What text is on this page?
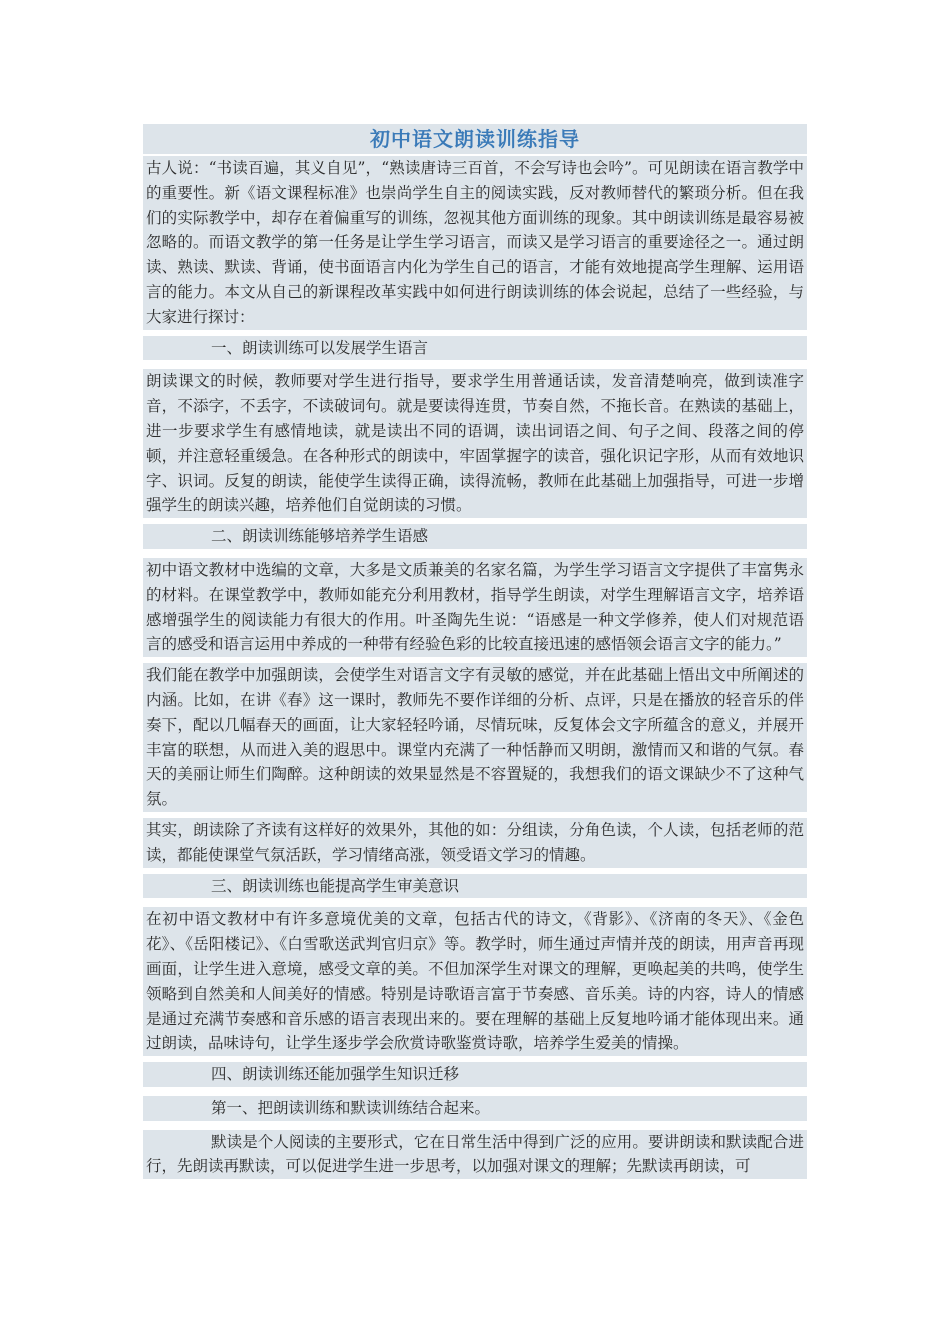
初中语文朗读训练指导

古人说：“书读百遍，其义自见”，“熟读唐诗三百首，不会写诗也会吟”。可见朗读在语言教学中的重要性。新《语文课程标准》也崇尚学生自主的阅读实践，反对教师替代的繁琐分析。但在我们的实际教学中，却存在着偏重写的训练，忽视其他方面训练的现象。其中朗读训练是最容易被忽略的。而语文教学的第一任务是让学生学习语言，而读又是学习语言的重要途径之一。通过朗读、熟读、默读、背诵，使书面语言内化为学生自己的语言，才能有效地提高学生理解、运用语言的能力。本文从自己的新课程改革实践中如何进行朗读训练的体会说起，总结了一些经验，与大家进行探讨：

一、朗读训练可以发展学生语言

朗读课文的时候，教师要对学生进行指导，要求学生用普通话读，发音清楚响亮，做到读准字音，不添字，不丢字，不读破词句。就是要读得连贯，节奏自然，不拖长音。在熟读的基础上，进一步要求学生有感情地读，就是读出不同的语调，读出词语之间、句子之间、段落之间的停顿，并注意轻重缓急。在各种形式的朗读中，牢固掌握字的读音，强化识记字形，从而有效地识字、识词。反复的朗读，能使学生读得正确，读得流畅，教师在此基础上加强指导，可进一步增强学生的朗读兴趣，培养他们自觉朗读的习惯。

二、朗读训练能够培养学生语感

初中语文教材中选编的文章，大多是文质兼美的名家名篇，为学生学习语言文字提供了丰富隽永的材料。在课堂教学中，教师如能充分利用教材，指导学生朗读，对学生理解语言文字，培养语感增强学生的阅读能力有很大的作用。叶圣陶先生说：“语感是一种文学修养，使人们对规范语言的感受和语言运用中养成的一种带有经验色彩的比较直接迅速的感悟领会语言文字的能力。”

我们能在教学中加强朗读，会使学生对语言文字有灵敏的感觉，并在此基础上悟出文中所阐述的内涵。比如，在讲《春》这一课时，教师先不要作详细的分析、点评，只是在播放的轻音乐的伴奏下，配以几幅春天的画面，让大家轻轻吟诵，尽情玩味，反复体会文字所蕴含的意义，并展开丰富的联想，从而进入美的遐思中。课堂内充满了一种恬静而又明朗，激情而又和谐的气氛。春天的美丽让师生们陶醉。这种朗读的效果显然是不容置疑的，我想我们的语文课缺少不了这种气氛。

其实，朗读除了齐读有这样好的效果外，其他的如：分组读，分角色读，个人读，包括老师的范读，都能使课堂气氛活跃，学习情绪高涨，领受语文学习的情趣。

三、朗读训练也能提高学生审美意识

在初中语文教材中有许多意境优美的文章，包括古代的诗文，《背影》、《济南的冬天》、《金色花》、《岳阳楼记》、《白雪歌送武判官归京》等。教学时，师生通过声情并茂的朗读，用声音再现画面，让学生进入意境，感受文章的美。不但加深学生对课文的理解，更唤起美的共鸣，使学生领略到自然美和人间美好的情感。特别是诗歌语言富于节奏感、音乐美。诗的内容，诗人的情感是通过充满节奏感和音乐感的语言表现出来的。要在理解的基础上反复地吟诵才能体现出来。通过朗读，品味诗句，让学生逐步学会欣赏诗歌鉴赏诗歌，培养学生爱美的情操。

四、朗读训练还能加强学生知识迁移

第一、把朗读训练和默读训练结合起来。

默读是个人阅读的主要形式，它在日常生活中得到广泛的应用。要讲朗读和默读配合进行，先朗读再默读，可以促进学生进一步思考，以加强对课文的理解；先默读再朗读，可
